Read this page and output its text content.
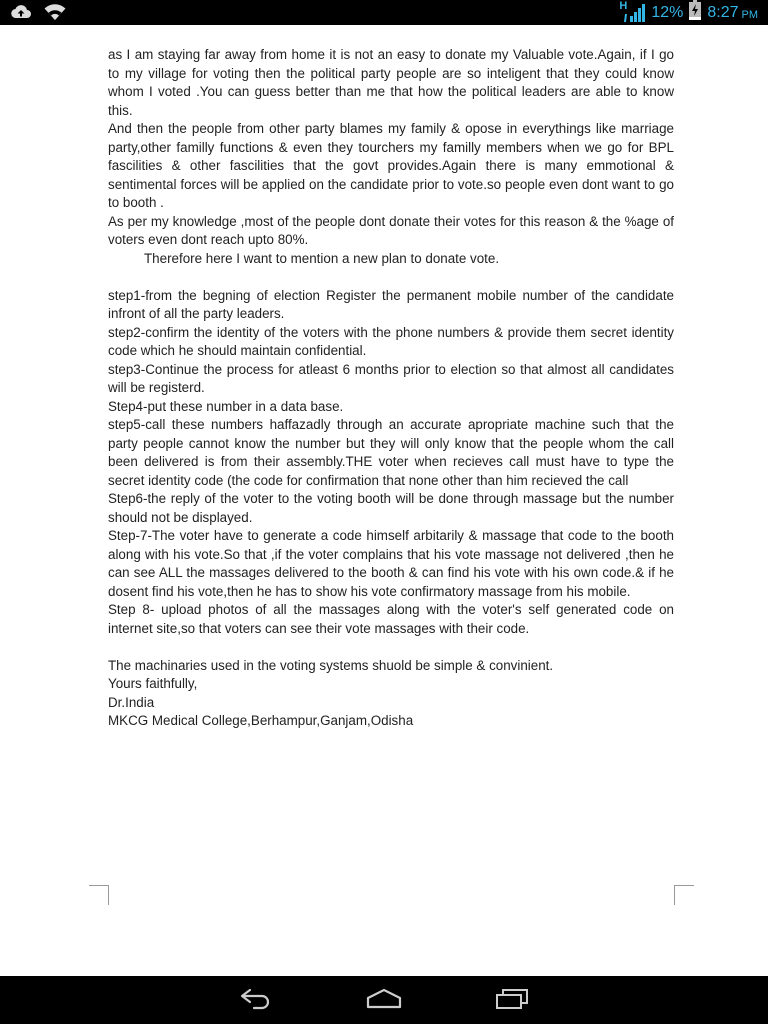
H 12% 8:27 PM

as I am staying far away from home it is not an easy to donate my Valuable vote.Again, if I go to my village for voting then the political party people are so inteligent that they could know whom I voted .You can guess better than me that how the political leaders are able to know this.

And then the people from other party blames my family & opose in everythings like marriage party,other familly functions & even they tourchers my familly members when we go for BPL fascilities & other fascilities that the govt provides.Again there is many emmotional & sentimental forces will be applied on the candidate prior to vote.so people even dont want to go to booth .

As per my knowledge ,most of the people dont donate their votes for this reason & the %age of voters even dont reach upto 80%.

Therefore here I want to mention a new plan to donate vote.

step1-from the begning of election Register the permanent mobile number of the candidate infront of all the party leaders.

step2-confirm the identity of the voters with the phone numbers & provide them secret identity code which he should maintain confidential.

step3-Continue the process for atleast 6 months prior to election so that almost all candidates will be registerd.

Step4-put these number in a data base.

step5-call these numbers haffazadly through an accurate apropriate machine such that the party people cannot know the number but they will only know that the people whom the call been delivered is from their assembly.THE voter when recieves call must have to type the secret identity code (the code for confirmation that none other than him recieved the call

Step6-the reply of the voter to the voting booth will be done through massage but the number should not be displayed.

Step-7-The voter have to generate a code himself arbitarily & massage that code to the booth along with his vote.So that ,if the voter complains that his vote massage not delivered ,then he can see ALL the massages delivered to the booth & can find his vote with his own code.& if he dosent find his vote,then he has to show his vote confirmatory massage from his mobile.

Step 8- upload photos of all the massages along with the voter's self generated code on internet site,so that voters can see their vote massages with their code.

The machinaries used in the voting systems shuold be simple & convinient.

Yours faithfully,

Dr.India

MKCG Medical College,Berhampur,Ganjam,Odisha
